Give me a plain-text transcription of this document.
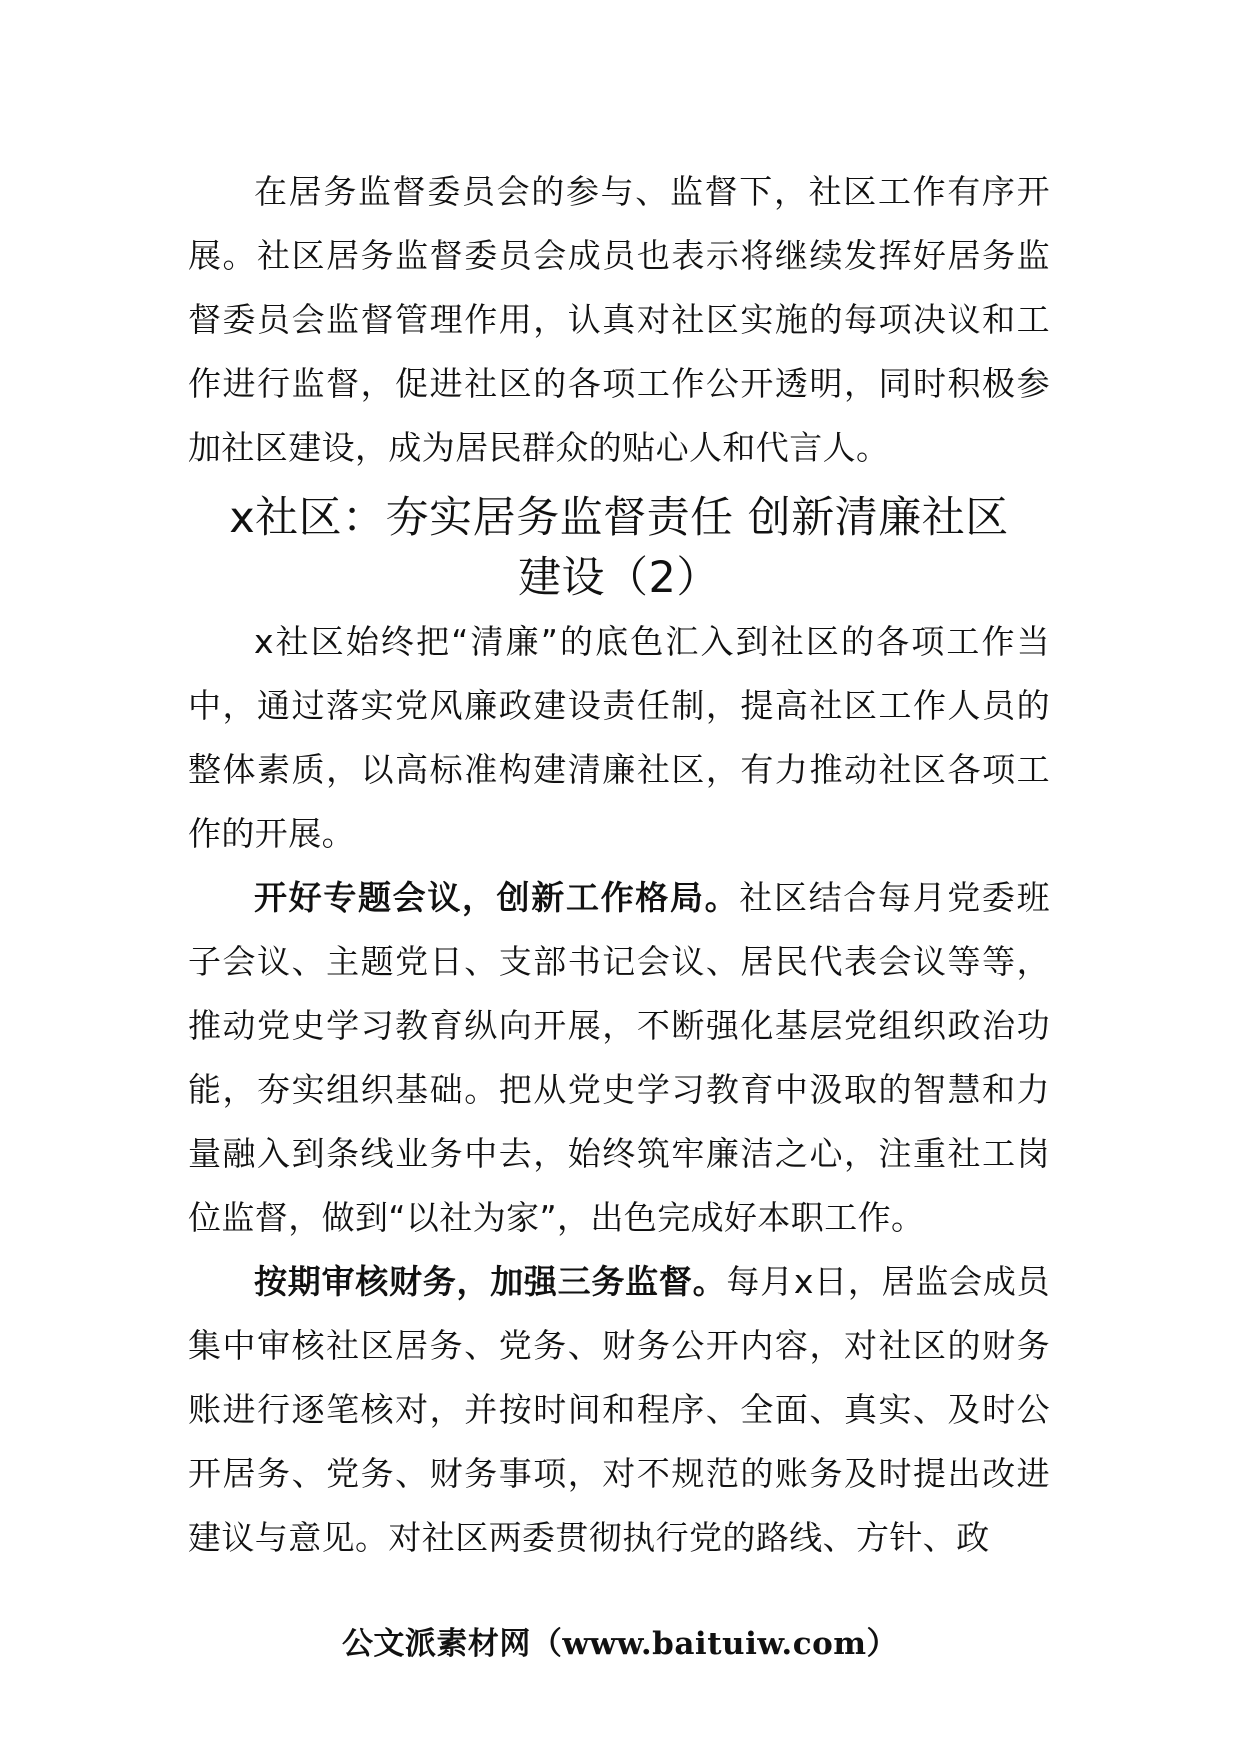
在居务监督委员会的参与、监督下，社区工作有序开展。社区居务监督委员会成员也表示将继续发挥好居务监督委员会监督管理作用，认真对社区实施的每项决议和工作进行监督，促进社区的各项工作公开透明，同时积极参加社区建设，成为居民群众的贴心人和代言人。

x社区：夯实居务监督责任 创新清廉社区
建设（2）

x社区始终把“清廉”的底色汇入到社区的各项工作当中，通过落实党风廉政建设责任制，提高社区工作人员的整体素质，以高标准构建清廉社区，有力推动社区各项工作的开展。

开好专题会议，创新工作格局。社区结合每月党委班子会议、主题党日、支部书记会议、居民代表会议等等，推动党史学习教育纵向开展，不断强化基层党组织政治功能，夯实组织基础。把从党史学习教育中汲取的智慧和力量融入到条线业务中去，始终筑牢廉洁之心，注重社工岗位监督，做到“以社为家”，出色完成好本职工作。

按期审核财务，加强三务监督。每月x日，居监会成员集中审核社区居务、党务、财务公开内容，对社区的财务账进行逐笔核对，并按时间和程序、全面、真实、及时公开居务、党务、财务事项，对不规范的账务及时提出改进建议与意见。对社区两委贯彻执行党的路线、方针、政

公文派素材网（www.baituiw.com）
